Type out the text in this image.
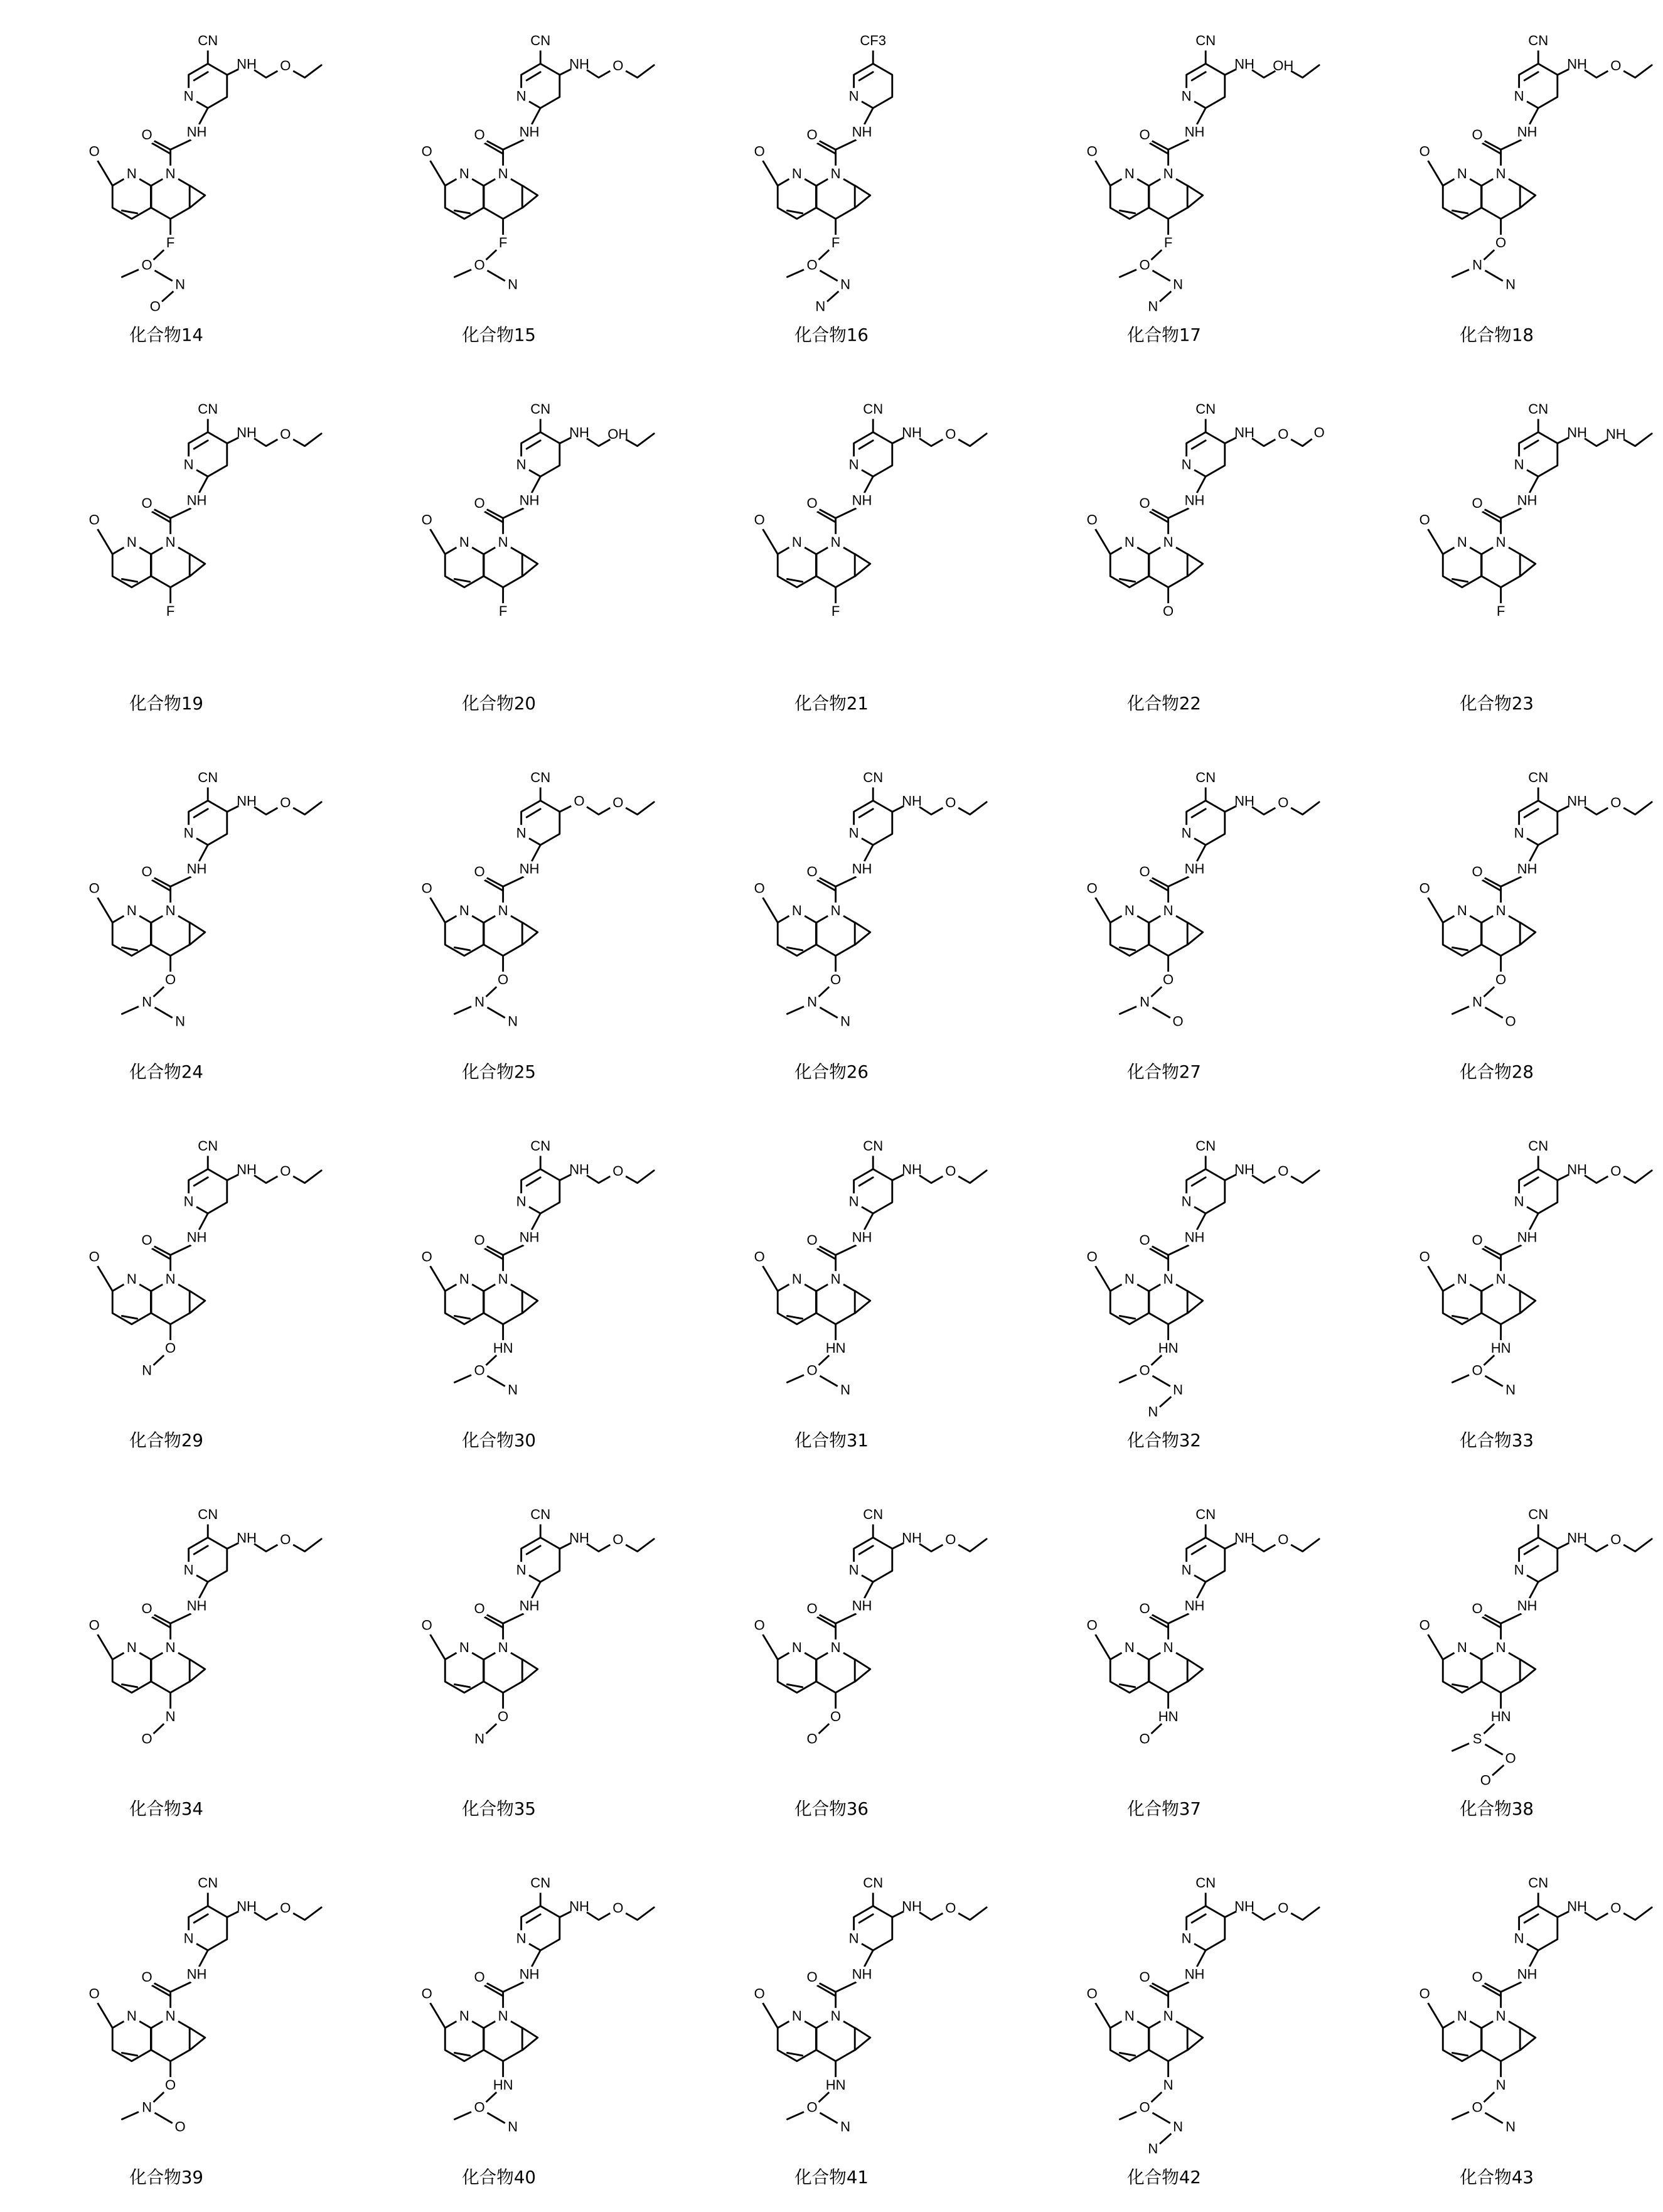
N
NH
O
N	N
O
CN
NH	O
F
O
N
O
化合物14
N
NH
O
N	N
O
CN
NH	O
F
O
N
化合物15
N
NH
O
N	N
O
CF3
F
O
N
N
化合物16
N
NH
O
N	N
O
CN
NH	OH
F
O
N
N
化合物17
N
NH
O
N	N
O
CN
NH	O
O
N
N
化合物18
N
NH
O
N	N
O
CN
NH	O
F
化合物19
N
NH
O
N	N
O
CN
NH	OH
F
化合物20
N
NH
O
N	N
O
CN
NH	O
F
化合物21
N
NH
O
N	N
O
CN
NH	O	O
O
化合物22
N
NH
O
N	N
O
CN
NH	NH
F
化合物23
N
NH
O
N	N
O
CN
NH	O
O
N
N
化合物24
N
NH
O
N	N
O
CN
O	O
O
N
N
化合物25
N
NH
O
N	N
O
CN
NH	O
O
N
N
化合物26
N
NH
O
N	N
O
CN
NH	O
O
N
O
化合物27
N
NH
O
N	N
O
CN
NH	O
O
N
O
化合物28
N
NH
O
N	N
O
CN
NH	O
O
N
化合物29
N
NH
O
N	N
O
CN
NH	O
HN
O
N
化合物30
N
NH
O
N	N
O
CN
NH	O
HN
O
N
化合物31
N
NH
O
N	N
O
CN
NH	O
HN
O
N
N
化合物32
N
NH
O
N	N
O
CN
NH	O
HN
O
N
化合物33
N
NH
O
N	N
O
CN
NH	O
N
O
化合物34
N
NH
O
N	N
O
CN
NH	O
O
N
化合物35
N
NH
O
N	N
O
CN
NH	O
O
O
化合物36
N
NH
O
N	N
O
CN
NH	O
HN
O
化合物37
N
NH
O
N	N
O
CN
NH	O
HN
S
O
O
化合物38
N
NH
O
N	N
O
CN
NH	O
O
N
O
化合物39
N
NH
O
N	N
O
CN
NH	O
HN
O
N
化合物40
N
NH
O
N	N
O
CN
NH	O
HN
O
N
化合物41
N
NH
O
N	N
O
CN
NH	O
N
O
N
N
化合物42
N
NH
O
N	N
O
CN
NH	O
N
O
N
化合物43
